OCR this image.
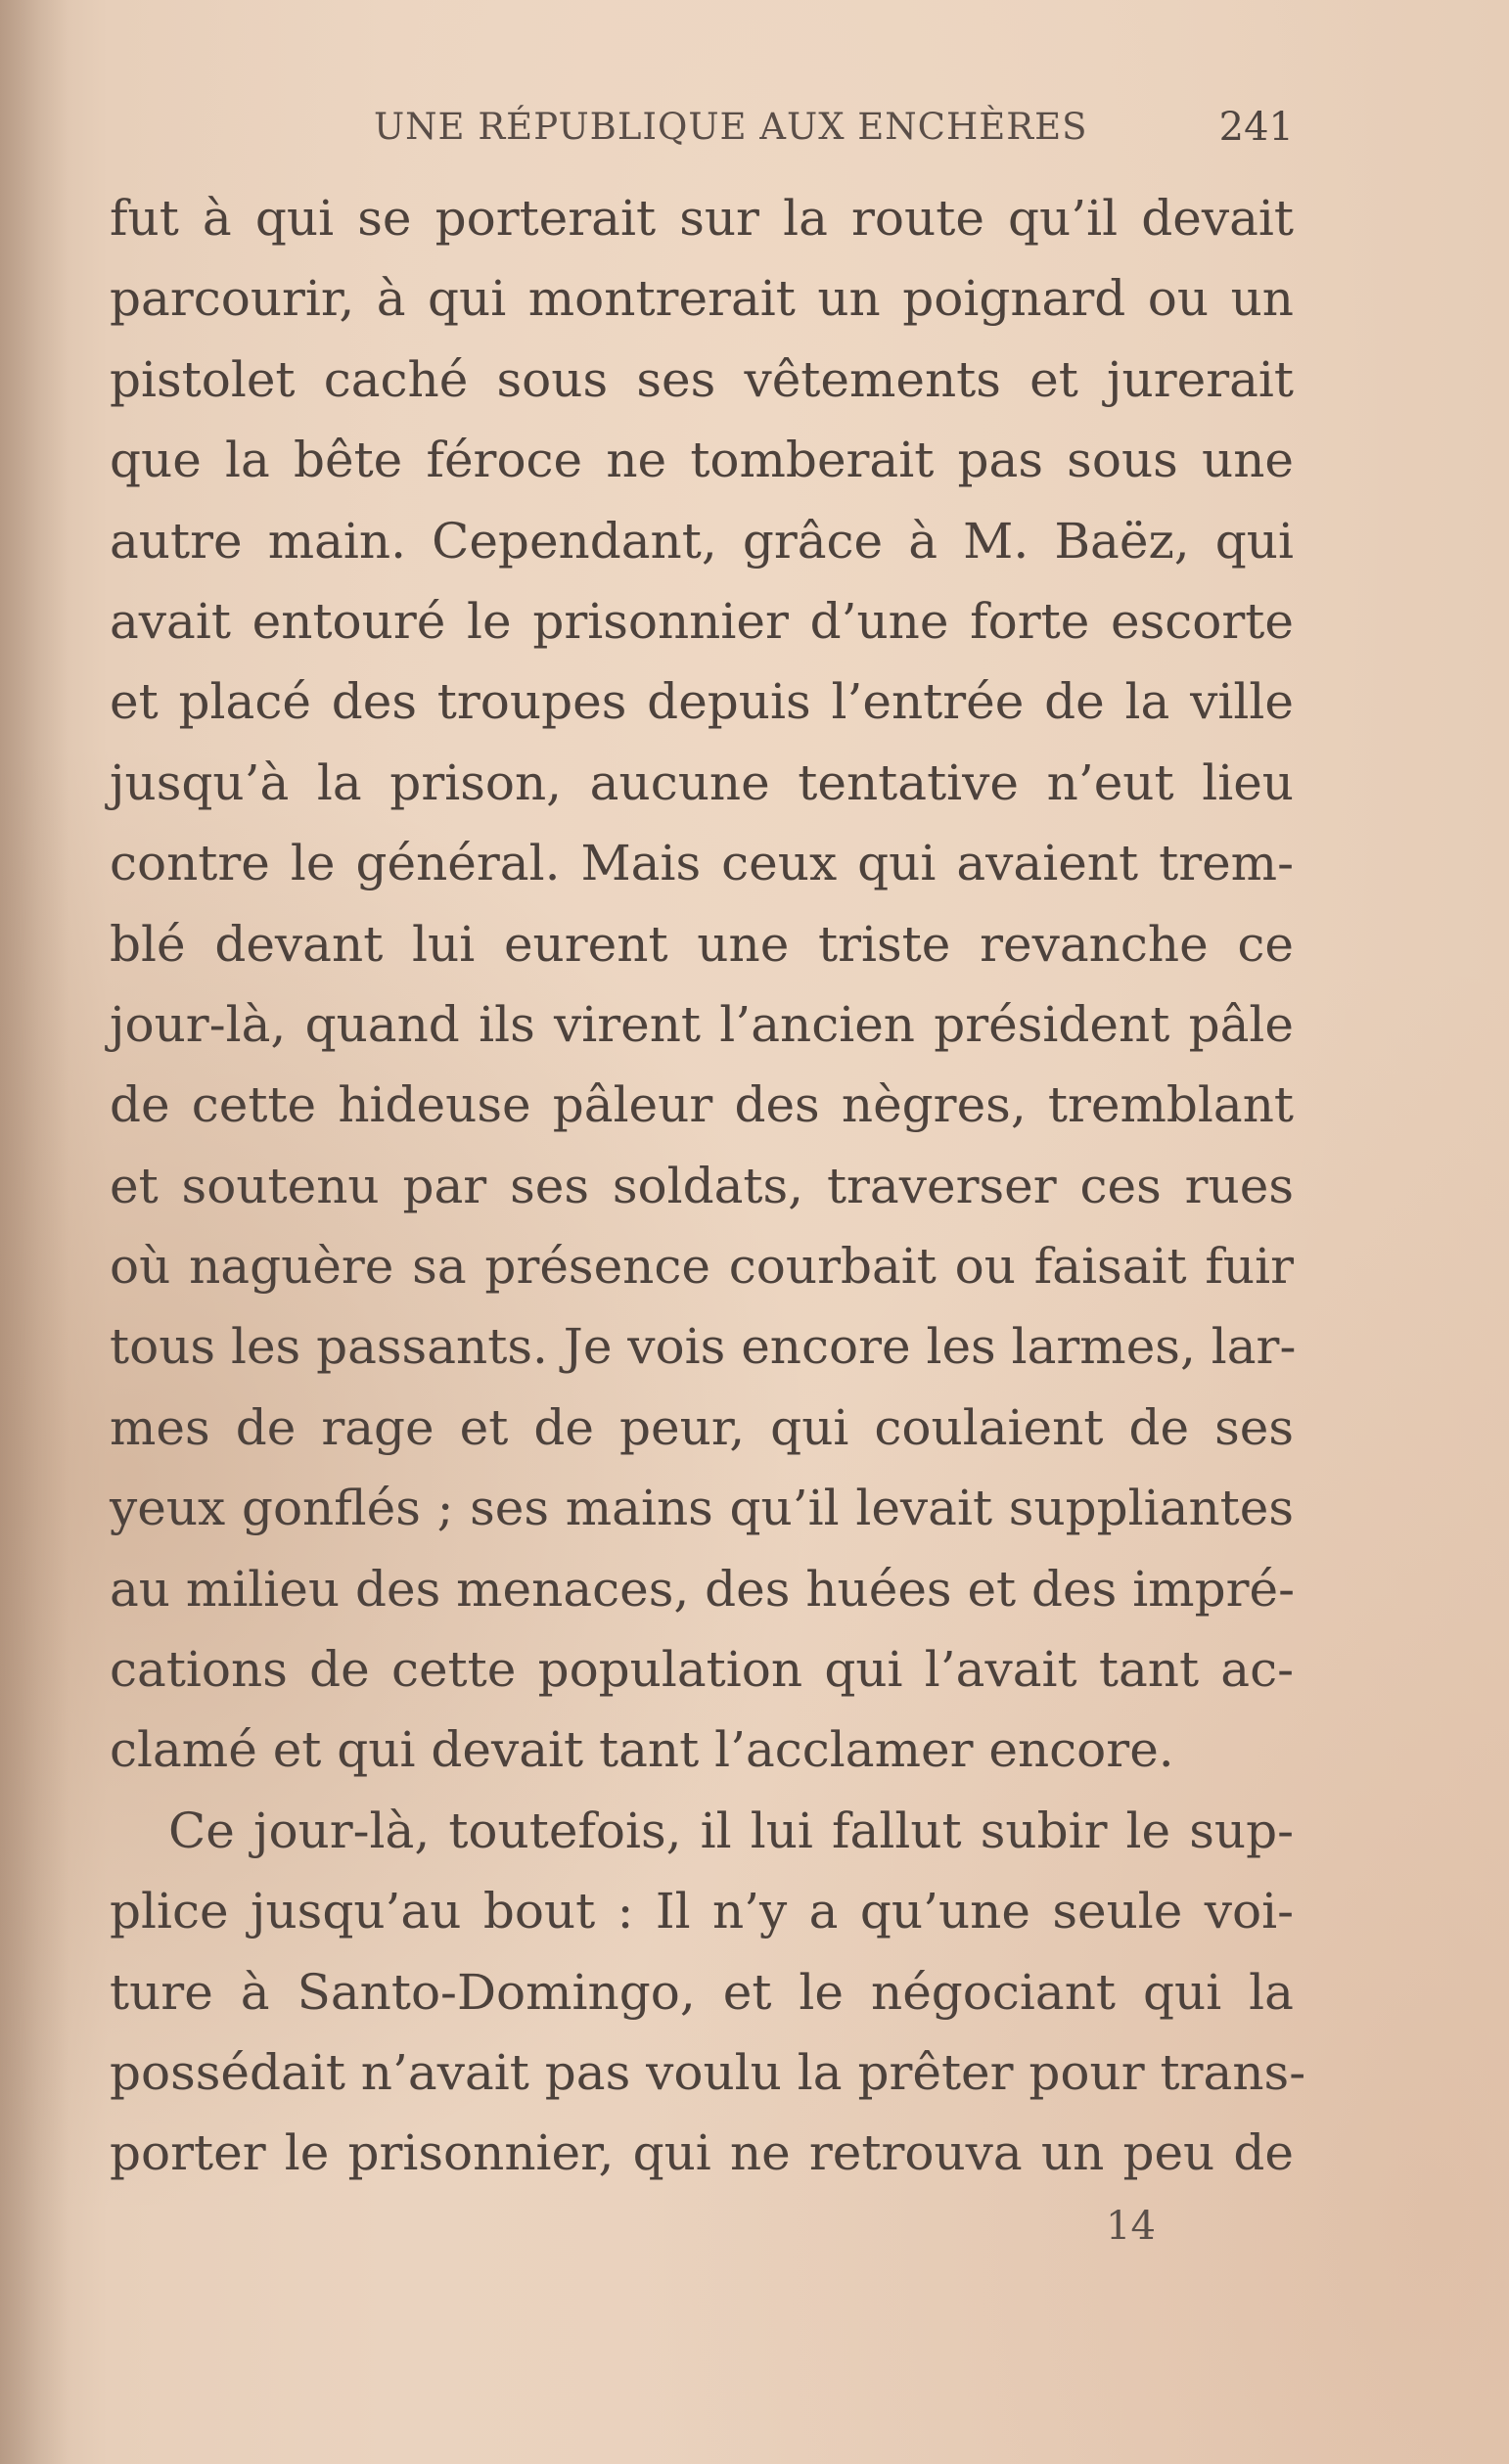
UNE RÉPUBLIQUE AUX ENCHÈRES	241
fut à qui se porterait sur la route qu’il devait
parcourir, à qui montrerait un poignard ou un
pistolet caché sous ses vêtements et jurerait
que la bête féroce ne tomberait pas sous une
autre main. Cependant, grâce à M. Baëz, qui
avait entouré le prisonnier d’une forte escorte
et placé des troupes depuis l’entrée de la ville
jusqu’à la prison, aucune tentative n’eut lieu
contre le général. Mais ceux qui avaient trem-
blé devant lui eurent une triste revanche ce
jour-là, quand ils virent l’ancien président pâle
de cette hideuse pâleur des nègres, tremblant
et soutenu par ses soldats, traverser ces rues
où naguère sa présence courbait ou faisait fuir
tous les passants. Je vois encore les larmes, lar-
mes de rage et de peur, qui coulaient de ses
yeux gonflés ; ses mains qu’il levait suppliantes
au milieu des menaces, des huées et des impré-
cations de cette population qui l’avait tant ac-
clamé et qui devait tant l’acclamer encore.
Ce jour-là, toutefois, il lui fallut subir le sup-
plice jusqu’au bout : Il n’y a qu’une seule voi-
ture à Santo-Domingo, et le négociant qui la
possédait n’avait pas voulu la prêter pour trans-
porter le prisonnier, qui ne retrouva un peu de
14
